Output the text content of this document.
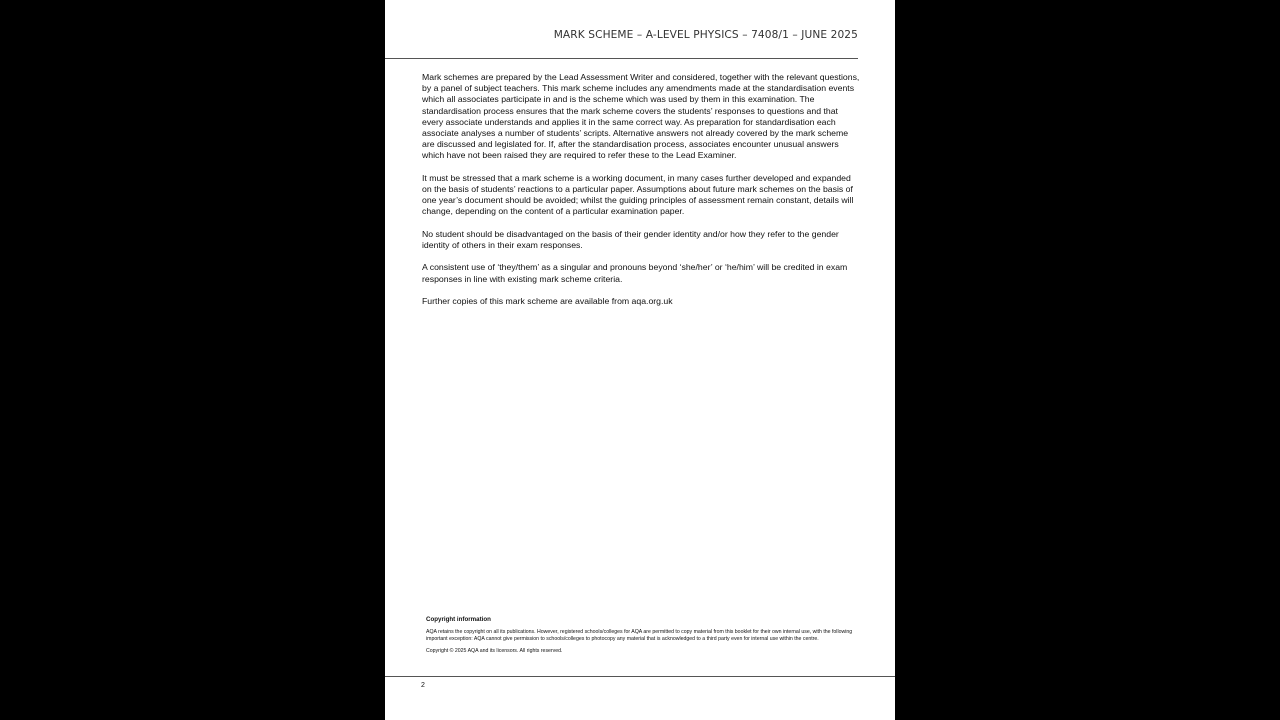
MARK SCHEME – A-LEVEL PHYSICS – 7408/1 – JUNE 2025

Mark schemes are prepared by the Lead Assessment Writer and considered, together with the relevant questions, by a panel of subject teachers. This mark scheme includes any amendments made at the standardisation events which all associates participate in and is the scheme which was used by them in this examination. The standardisation process ensures that the mark scheme covers the students’ responses to questions and that every associate understands and applies it in the same correct way. As preparation for standardisation each associate analyses a number of students’ scripts. Alternative answers not already covered by the mark scheme are discussed and legislated for. If, after the standardisation process, associates encounter unusual answers which have not been raised they are required to refer these to the Lead Examiner.

It must be stressed that a mark scheme is a working document, in many cases further developed and expanded on the basis of students’ reactions to a particular paper. Assumptions about future mark schemes on the basis of one year’s document should be avoided; whilst the guiding principles of assessment remain constant, details will change, depending on the content of a particular examination paper.

No student should be disadvantaged on the basis of their gender identity and/or how they refer to the gender identity of others in their exam responses.

A consistent use of ‘they/them’ as a singular and pronouns beyond ‘she/her’ or ‘he/him’ will be credited in exam responses in line with existing mark scheme criteria.

Further copies of this mark scheme are available from aqa.org.uk

Copyright information

AQA retains the copyright on all its publications. However, registered schools/colleges for AQA are permitted to copy material from this booklet for their own internal use, with the following important exception: AQA cannot give permission to schools/colleges to photocopy any material that is acknowledged to a third party even for internal use within the centre.

Copyright © 2025 AQA and its licensors. All rights reserved.

2
